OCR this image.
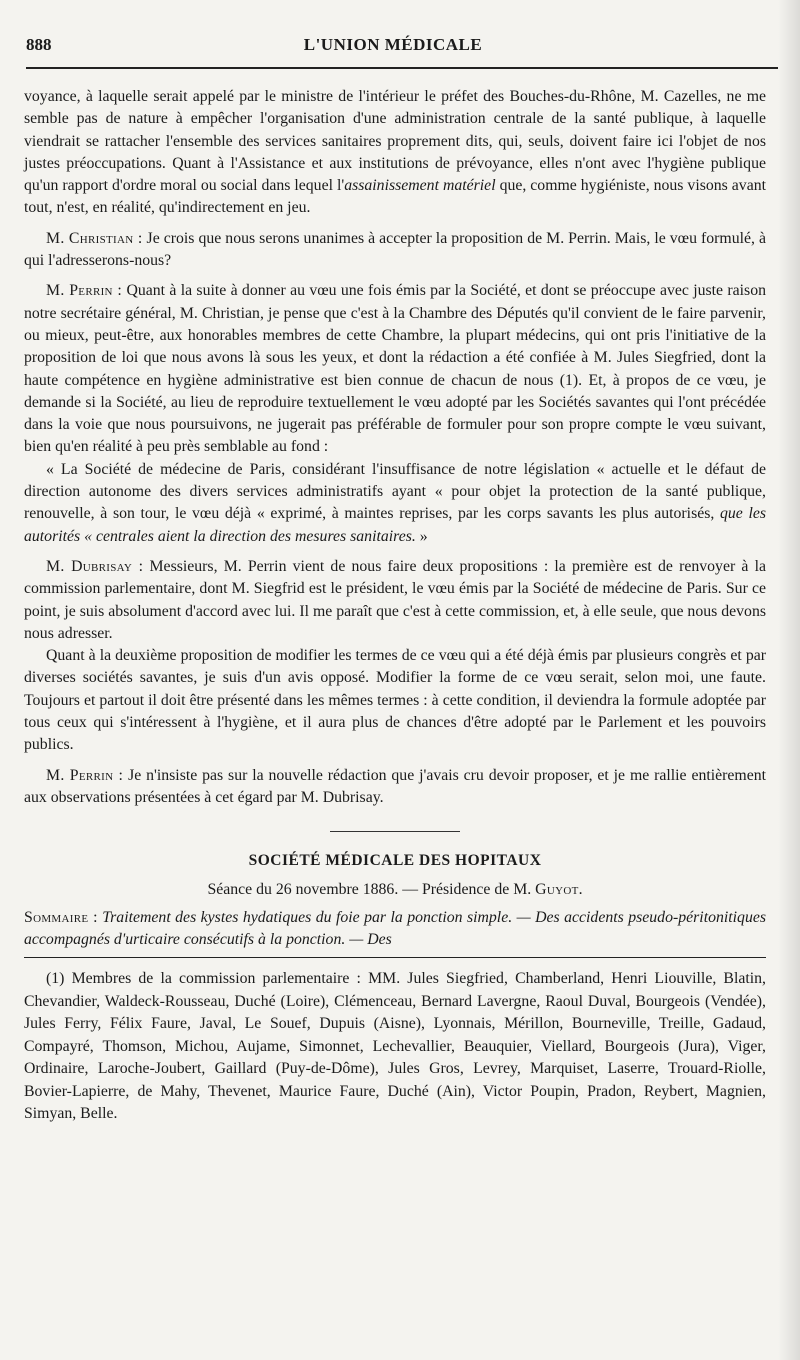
888	L'UNION MÉDICALE

voyance, à laquelle serait appelé par le ministre de l'intérieur le préfet des Bouches-du-Rhône, M. Cazelles, ne me semble pas de nature à empêcher l'organisation d'une administration centrale de la santé publique, à laquelle viendrait se rattacher l'ensemble des services sanitaires proprement dits, qui, seuls, doivent faire ici l'objet de nos justes préoccupations. Quant à l'Assistance et aux institutions de prévoyance, elles n'ont avec l'hygiène publique qu'un rapport d'ordre moral ou social dans lequel l'assainissement matériel que, comme hygiéniste, nous visons avant tout, n'est, en réalité, qu'indirectement en jeu.

M. Christian : Je crois que nous serons unanimes à accepter la proposition de M. Perrin. Mais, le vœu formulé, à qui l'adresserons-nous?

M. Perrin : Quant à la suite à donner au vœu une fois émis par la Société, et dont se préoccupe avec juste raison notre secrétaire général, M. Christian, je pense que c'est à la Chambre des Députés qu'il convient de le faire parvenir, ou mieux, peut-être, aux honorables membres de cette Chambre, la plupart médecins, qui ont pris l'initiative de la proposition de loi que nous avons là sous les yeux, et dont la rédaction a été confiée à M. Jules Siegfried, dont la haute compétence en hygiène administrative est bien connue de chacun de nous (1). Et, à propos de ce vœu, je demande si la Société, au lieu de reproduire textuellement le vœu adopté par les Sociétés savantes qui l'ont précédée dans la voie que nous poursuivons, ne jugerait pas préférable de formuler pour son propre compte le vœu suivant, bien qu'en réalité à peu près semblable au fond :

« La Société de médecine de Paris, considérant l'insuffisance de notre législation « actuelle et le défaut de direction autonome des divers services administratifs ayant « pour objet la protection de la santé publique, renouvelle, à son tour, le vœu déjà « exprimé, à maintes reprises, par les corps savants les plus autorisés, que les autorités « centrales aient la direction des mesures sanitaires. »

M. Dubrisay : Messieurs, M. Perrin vient de nous faire deux propositions : la première est de renvoyer à la commission parlementaire, dont M. Siegfrid est le président, le vœu émis par la Société de médecine de Paris. Sur ce point, je suis absolument d'accord avec lui. Il me paraît que c'est à cette commission, et, à elle seule, que nous devons nous adresser.

Quant à la deuxième proposition de modifier les termes de ce vœu qui a été déjà émis par plusieurs congrès et par diverses sociétés savantes, je suis d'un avis opposé. Modifier la forme de ce vœu serait, selon moi, une faute. Toujours et partout il doit être présenté dans les mêmes termes : à cette condition, il deviendra la formule adoptée par tous ceux qui s'intéressent à l'hygiène, et il aura plus de chances d'être adopté par le Parlement et les pouvoirs publics.

M. Perrin : Je n'insiste pas sur la nouvelle rédaction que j'avais cru devoir proposer, et je me rallie entièrement aux observations présentées à cet égard par M. Dubrisay.

SOCIÉTÉ MÉDICALE DES HOPITAUX
Séance du 26 novembre 1886. — Présidence de M. Guyot.

Sommaire : Traitement des kystes hydatiques du foie par la ponction simple. — Des accidents pseudo-péritonitiques accompagnés d'urticaire consécutifs à la ponction. — Des

(1) Membres de la commission parlementaire : MM. Jules Siegfried, Chamberland, Henri Liouville, Blatin, Chevandier, Waldeck-Rousseau, Duché (Loire), Clémenceau, Bernard Lavergne, Raoul Duval, Bourgeois (Vendée), Jules Ferry, Félix Faure, Javal, Le Souef, Dupuis (Aisne), Lyonnais, Mérillon, Bourneville, Treille, Gadaud, Compayré, Thomson, Michou, Aujame, Simonnet, Lechevallier, Beauquier, Viellard, Bourgeois (Jura), Viger, Ordinaire, Laroche-Joubert, Gaillard (Puy-de-Dôme), Jules Gros, Levrey, Marquiset, Laserre, Trouard-Riolle, Bovier-Lapierre, de Mahy, Thevenet, Maurice Faure, Duché (Ain), Victor Poupin, Pradon, Reybert, Magnien, Simyan, Belle.
